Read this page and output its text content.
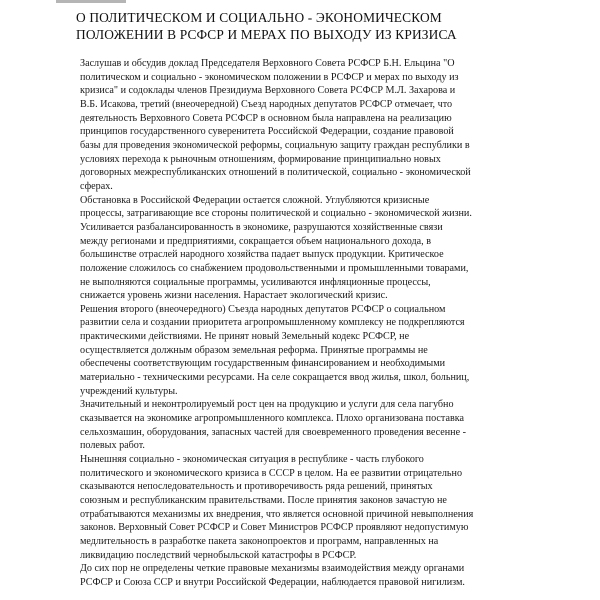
О ПОЛИТИЧЕСКОМ И СОЦИАЛЬНО - ЭКОНОМИЧЕСКОМ
ПОЛОЖЕНИИ В РСФСР И МЕРАХ ПО ВЫХОДУ ИЗ КРИЗИСА
Заслушав и обсудив доклад Председателя Верховного Совета РСФСР Б.Н. Ельцина "О
политическом и социально - экономическом положении в РСФСР и мерах по выходу из
кризиса" и содоклады членов Президиума Верховного Совета РСФСР М.Л. Захарова и
В.Б. Исакова, третий (внеочередной) Съезд народных депутатов РСФСР отмечает, что
деятельность Верховного Совета РСФСР в основном была направлена на реализацию
принципов государственного суверенитета Российской Федерации, создание правовой
базы для проведения экономической реформы, социальную защиту граждан республики в
условиях перехода к рыночным отношениям, формирование принципиально новых
договорных межреспубликанских отношений в политической, социально - экономической
сферах.
Обстановка в Российской Федерации остается сложной. Углубляются кризисные
процессы, затрагивающие все стороны политической и социально - экономической жизни.
Усиливается разбалансированность в экономике, разрушаются хозяйственные связи
между регионами и предприятиями, сокращается объем национального дохода, в
большинстве отраслей народного хозяйства падает выпуск продукции. Критическое
положение сложилось со снабжением продовольственными и промышленными товарами,
не выполняются социальные программы, усиливаются инфляционные процессы,
снижается уровень жизни населения. Нарастает экологический кризис.
Решения второго (внеочередного) Съезда народных депутатов РСФСР о социальном
развитии села и создании приоритета агропромышленному комплексу не подкрепляются
практическими действиями. Не принят новый Земельный кодекс РСФСР, не
осуществляется должным образом земельная реформа. Принятые программы не
обеспечены соответствующим государственным финансированием и необходимыми
материально - техническими ресурсами. На селе сокращается ввод жилья, школ, больниц,
учреждений культуры.
Значительный и неконтролируемый рост цен на продукцию и услуги для села пагубно
сказывается на экономике агропромышленного комплекса. Плохо организована поставка
сельхозмашин, оборудования, запасных частей для своевременного проведения весенне -
полевых работ.
Нынешняя социально - экономическая ситуация в республике - часть глубокого
политического и экономического кризиса в СССР в целом. На ее развитии отрицательно
сказываются непоследовательность и противоречивость ряда решений, принятых
союзным и республиканским правительствами. После принятия законов зачастую не
отрабатываются механизмы их внедрения, что является основной причиной невыполнения
законов. Верховный Совет РСФСР и Совет Министров РСФСР проявляют недопустимую
медлительность в разработке пакета законопроектов и программ, направленных на
ликвидацию последствий чернобыльской катастрофы в РСФСР.
До сих пор не определены четкие правовые механизмы взаимодействия между органами
РСФСР и Союза ССР и внутри Российской Федерации, наблюдается правовой нигилизм.
